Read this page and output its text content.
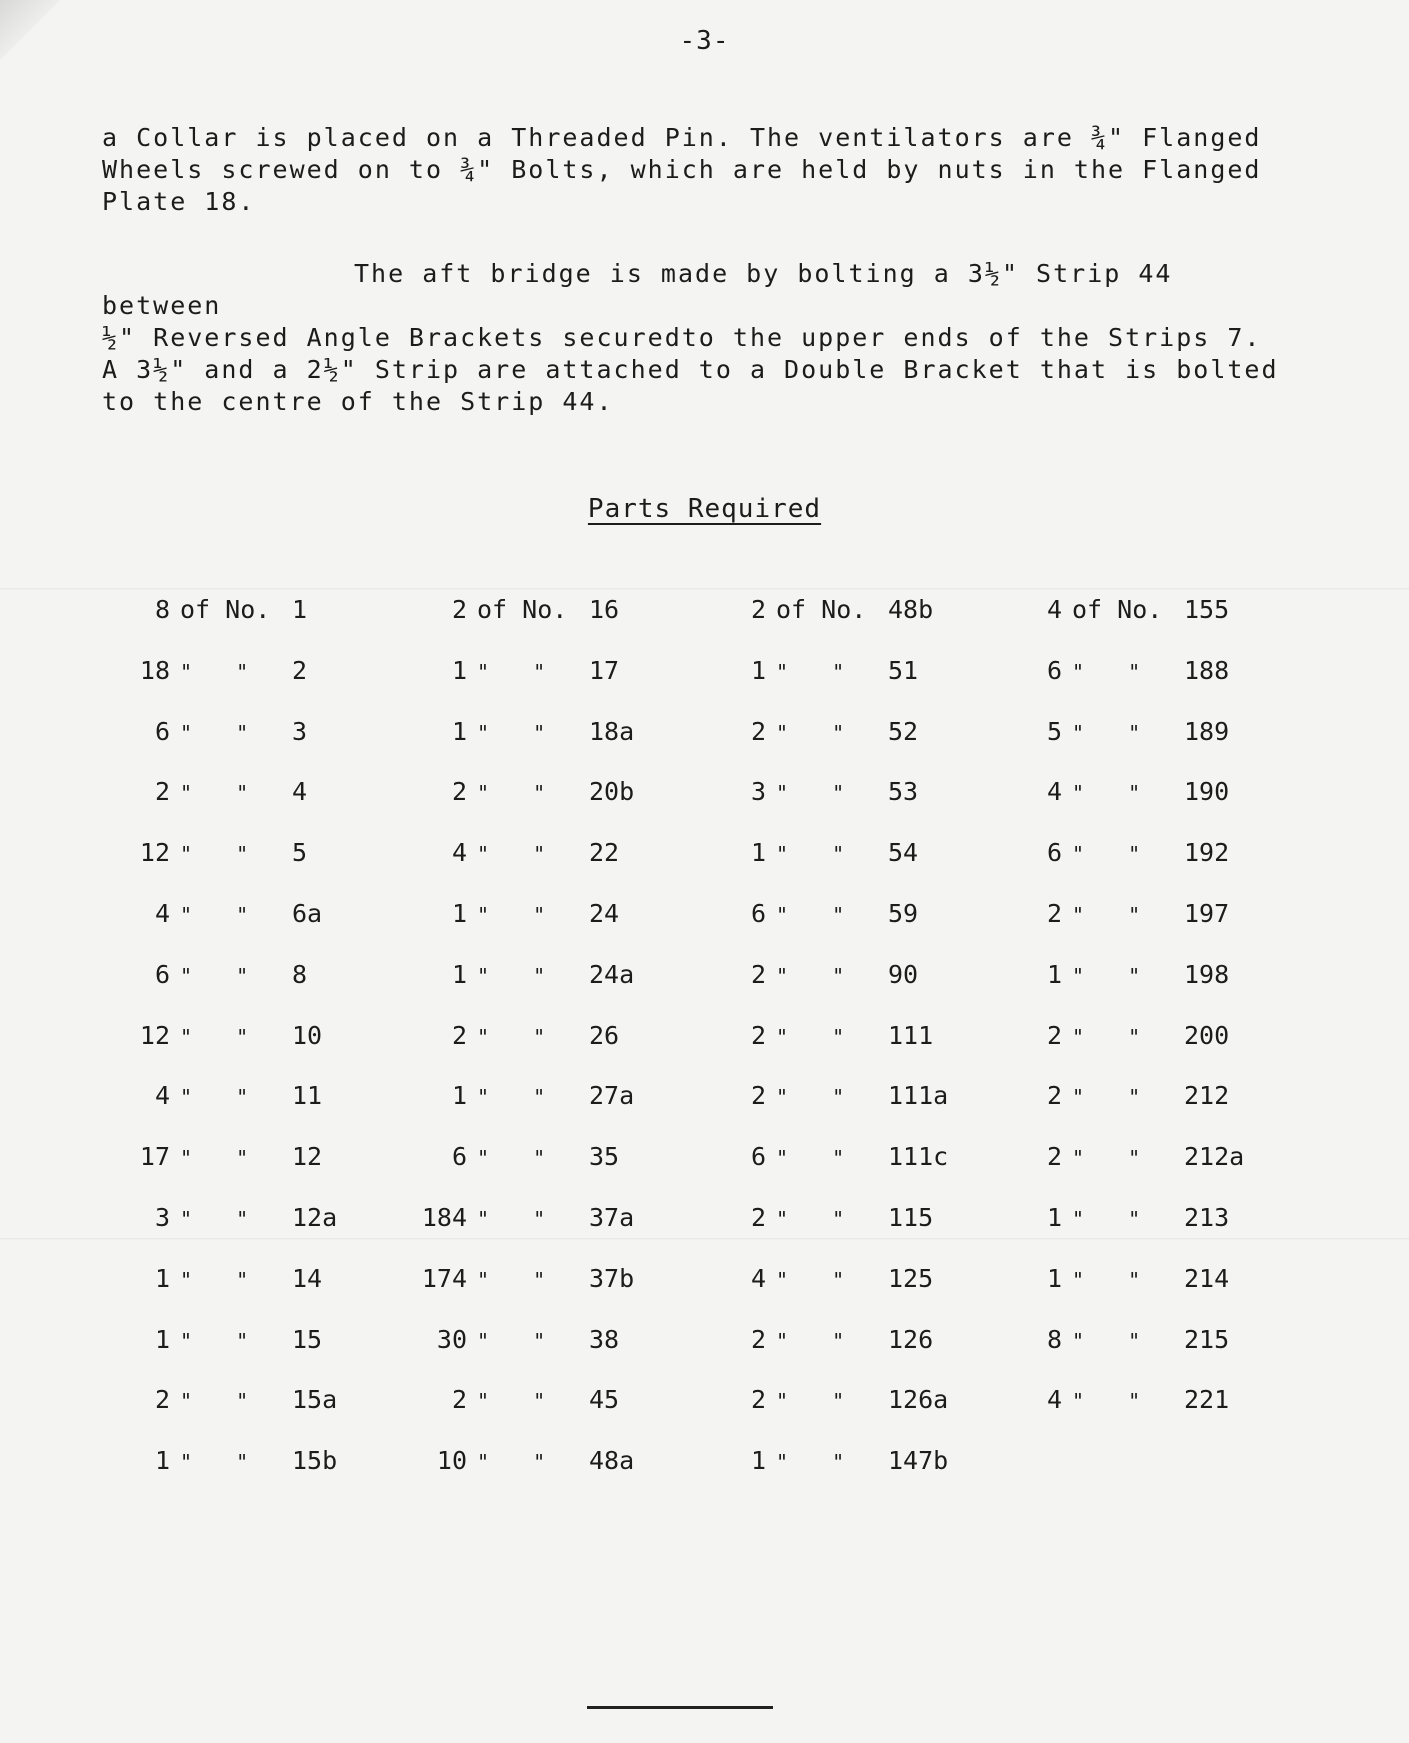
-3-

a Collar is placed on a Threaded Pin. The ventilators are ¾" Flanged
Wheels screwed on to ¾" Bolts, which are held by nuts in the Flanged
Plate 18.

The aft bridge is made by bolting a 3½" Strip 44 between
½" Reversed Angle Brackets securedto the upper ends of the Strips 7.
A 3½" and a 2½" Strip are attached to a Double Bracket that is bolted
to the centre of the Strip 44.

Parts Required
8 of No. 1
18 " " 2
6 " " 3
2 " " 4
12 " " 5
4 " " 6a
6 " " 8
12 " " 10
4 " " 11
17 " " 12
3 " " 12a
1 " " 14
1 " " 15
2 " " 15a
1 " " 15b
2 of No. 16
1 " " 17
1 " " 18a
2 " " 20b
4 " " 22
1 " " 24
1 " " 24a
2 " " 26
1 " " 27a
6 " " 35
184 " " 37a
174 " " 37b
30 " " 38
2 " " 45
10 " " 48a
2 of No. 48b
1 " " 51
2 " " 52
3 " " 53
1 " " 54
6 " " 59
2 " " 90
2 " " 111
2 " " 111a
6 " " 111c
2 " " 115
4 " " 125
2 " " 126
2 " " 126a
1 " " 147b
4 of No. 155
6 " " 188
5 " " 189
4 " " 190
6 " " 192
2 " " 197
1 " " 198
2 " " 200
2 " " 212
2 " " 212a
1 " " 213
1 " " 214
8 " " 215
4 " " 221
